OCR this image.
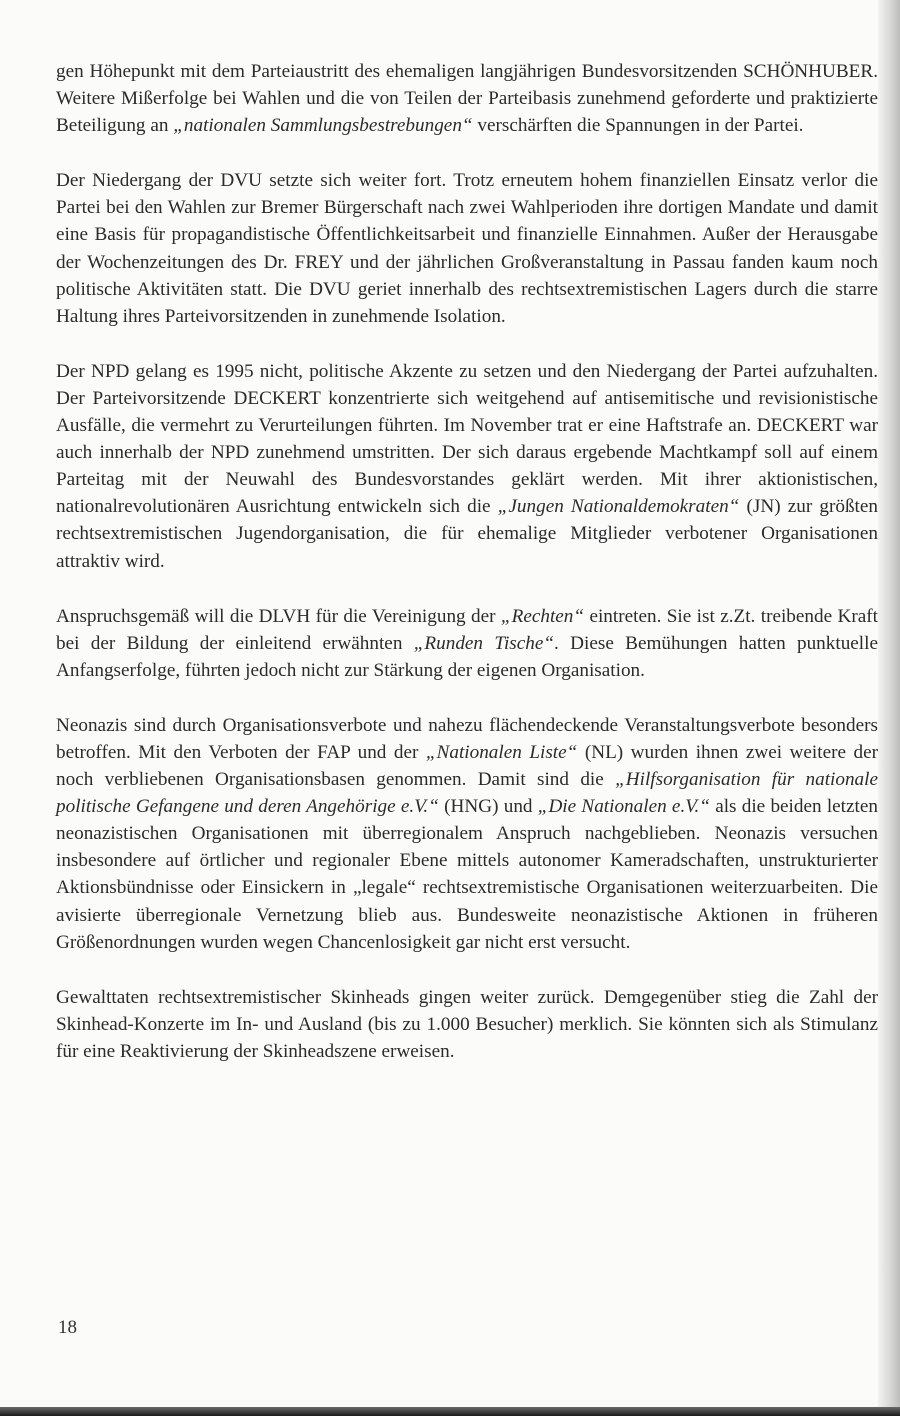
gen Höhepunkt mit dem Parteiaustritt des ehemaligen langjährigen Bundesvorsitzenden SCHÖNHUBER. Weitere Mißerfolge bei Wahlen und die von Teilen der Parteibasis zunehmend geforderte und praktizierte Beteiligung an „nationalen Sammlungsbestrebungen“ verschärften die Spannungen in der Partei.

Der Niedergang der DVU setzte sich weiter fort. Trotz erneutem hohem finanziellen Einsatz verlor die Partei bei den Wahlen zur Bremer Bürgerschaft nach zwei Wahlperioden ihre dortigen Mandate und damit eine Basis für propagandistische Öffentlichkeitsarbeit und finanzielle Einnahmen. Außer der Herausgabe der Wochenzeitungen des Dr. FREY und der jährlichen Großveranstaltung in Passau fanden kaum noch politische Aktivitäten statt. Die DVU geriet innerhalb des rechtsextremistischen Lagers durch die starre Haltung ihres Parteivorsitzenden in zunehmende Isolation.

Der NPD gelang es 1995 nicht, politische Akzente zu setzen und den Niedergang der Partei aufzuhalten. Der Parteivorsitzende DECKERT konzentrierte sich weitgehend auf antisemitische und revisionistische Ausfälle, die vermehrt zu Verurteilungen führten. Im November trat er eine Haftstrafe an. DECKERT war auch innerhalb der NPD zunehmend umstritten. Der sich daraus ergebende Machtkampf soll auf einem Parteitag mit der Neuwahl des Bundesvorstandes geklärt werden. Mit ihrer aktionistischen, nationalrevolutionären Ausrichtung entwickeln sich die „Jungen Nationaldemokraten“ (JN) zur größten rechtsextremistischen Jugendorganisation, die für ehemalige Mitglieder verbotener Organisationen attraktiv wird.

Anspruchsgemäß will die DLVH für die Vereinigung der „Rechten“ eintreten. Sie ist z.Zt. treibende Kraft bei der Bildung der einleitend erwähnten „Runden Tische“. Diese Bemühungen hatten punktuelle Anfangserfolge, führten jedoch nicht zur Stärkung der eigenen Organisation.

Neonazis sind durch Organisationsverbote und nahezu flächendeckende Veranstaltungsverbote besonders betroffen. Mit den Verboten der FAP und der „Nationalen Liste“ (NL) wurden ihnen zwei weitere der noch verbliebenen Organisationsbasen genommen. Damit sind die „Hilfsorganisation für nationale politische Gefangene und deren Angehörige e.V.“ (HNG) und „Die Nationalen e.V.“ als die beiden letzten neonazistischen Organisationen mit überregionalem Anspruch nachgeblieben. Neonazis versuchen insbesondere auf örtlicher und regionaler Ebene mittels autonomer Kameradschaften, unstrukturierter Aktionsbündnisse oder Einsickern in „legale“ rechtsextremistische Organisationen weiterzuarbeiten. Die avisierte überregionale Vernetzung blieb aus. Bundesweite neonazistische Aktionen in früheren Größenordnungen wurden wegen Chancenlosigkeit gar nicht erst versucht.

Gewalttaten rechtsextremistischer Skinheads gingen weiter zurück. Demgegenüber stieg die Zahl der Skinhead-Konzerte im In- und Ausland (bis zu 1.000 Besucher) merklich. Sie könnten sich als Stimulanz für eine Reaktivierung der Skinheadszene erweisen.

18
